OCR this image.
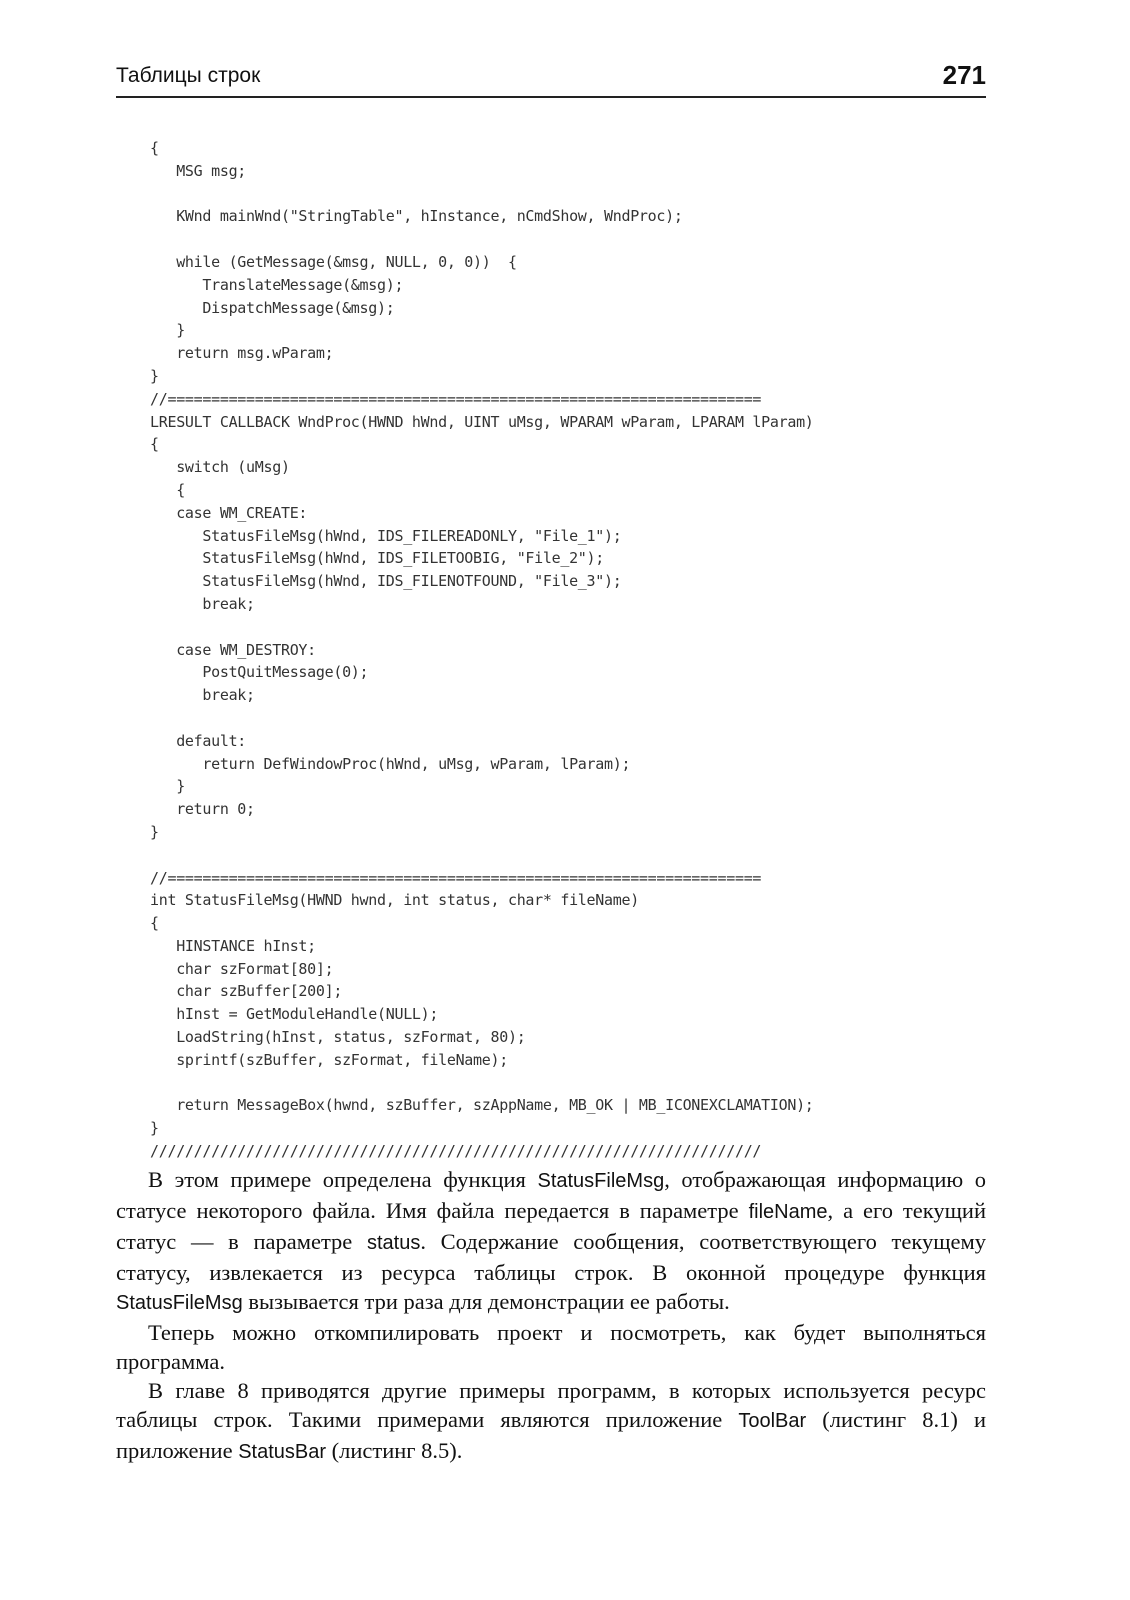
Таблицы строк	271
{
MSG msg;
KWnd mainWnd("StringTable", hInstance, nCmdShow, WndProc);
while (GetMessage(&msg, NULL, 0, 0))  {
TranslateMessage(&msg);
DispatchMessage(&msg);
}
return msg.wParam;
}
//====================================================================
LRESULT CALLBACK WndProc(HWND hWnd, UINT uMsg, WPARAM wParam, LPARAM lParam)
{
switch (uMsg)
{
case WM_CREATE:
StatusFileMsg(hWnd, IDS_FILEREADONLY, "File_1");
StatusFileMsg(hWnd, IDS_FILETOOBIG, "File_2");
StatusFileMsg(hWnd, IDS_FILENOTFOUND, "File_3");
break;
case WM_DESTROY:
PostQuitMessage(0);
break;
default:
return DefWindowProc(hWnd, uMsg, wParam, lParam);
}
return 0;
}
//====================================================================
int StatusFileMsg(HWND hwnd, int status, char* fileName)
{
HINSTANCE hInst;
char szFormat[80];
char szBuffer[200];
hInst = GetModuleHandle(NULL);
LoadString(hInst, status, szFormat, 80);
sprintf(szBuffer, szFormat, fileName);
return MessageBox(hwnd, szBuffer, szAppName, MB_OK | MB_ICONEXCLAMATION);
}
//////////////////////////////////////////////////////////////////////

В этом примере определена функция StatusFileMsg, отображающая информацию о статусе некоторого файла. Имя файла передается в параметре fileName, а его текущий статус — в параметре status. Содержание сообщения, соответствующего текущему статусу, извлекается из ресурса таблицы строк. В оконной процедуре функция StatusFileMsg вызывается три раза для демонстрации ее работы.

Теперь можно откомпилировать проект и посмотреть, как будет выполняться программа.

В главе 8 приводятся другие примеры программ, в которых используется ресурс таблицы строк. Такими примерами являются приложение ToolBar (листинг 8.1) и приложение StatusBar (листинг 8.5).
